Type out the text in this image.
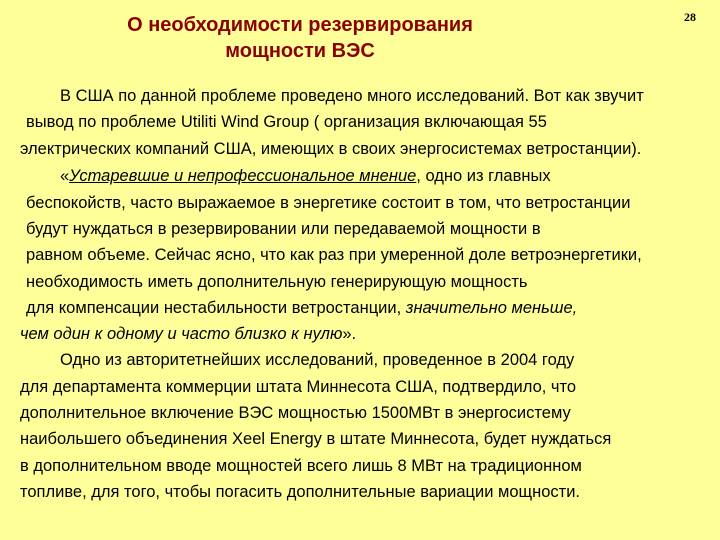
О необходимости резервирования
мощности ВЭС
28
В США по данной проблеме проведено много исследований. Вот как звучит
вывод по проблеме Utiliti Wind Group ( организация включающая 55
электрических компаний США, имеющих в своих энергосистемах ветростанции).
«Устаревшие и непрофессиональное мнение, одно из главных
беспокойств, часто выражаемое в энергетике состоит в том, что ветростанции
будут нуждаться в резервировании или передаваемой мощности в
равном объеме. Сейчас ясно, что как раз при умеренной доле ветроэнергетики,
необходимость иметь дополнительную генерирующую мощность
для компенсации нестабильности ветростанции, значительно меньше,
чем один к одному и часто близко к нулю».
Одно из авторитетнейших исследований, проведенное в 2004 году
для департамента коммерции штата Миннесота США, подтвердило, что
дополнительное включение ВЭС мощностью 1500МВт в энергосистему
наибольшего объединения Xeel Energy в штате Миннесота, будет нуждаться
в дополнительном вводе мощностей всего лишь 8 МВт на традиционном
топливе, для того, чтобы погасить дополнительные вариации мощности.
